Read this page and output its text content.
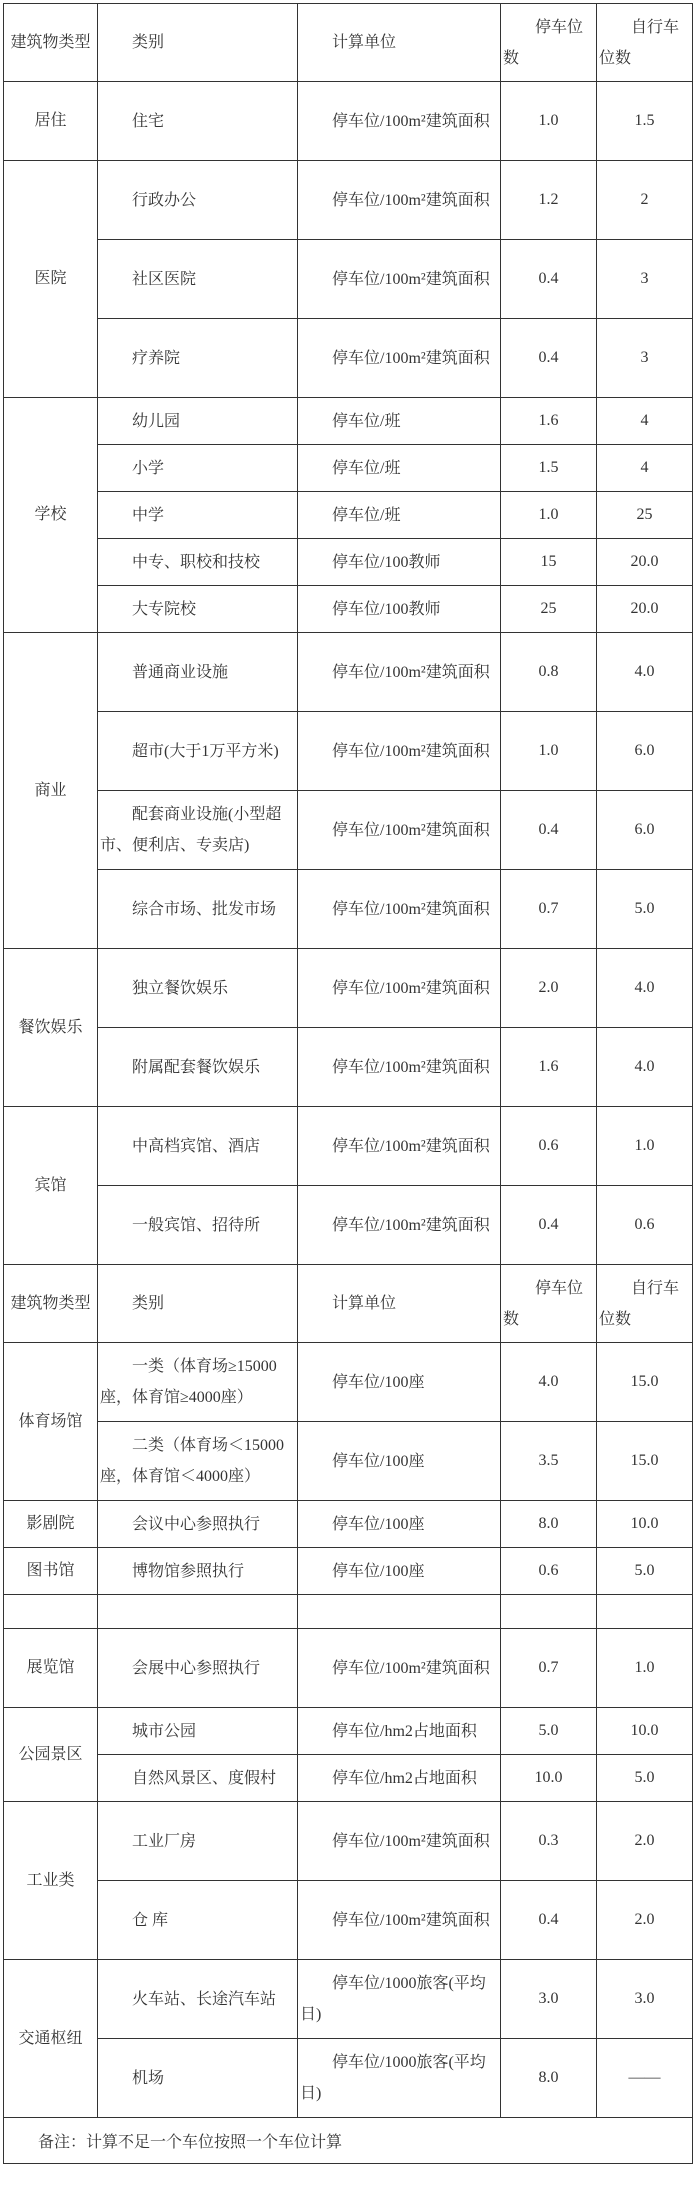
建筑物类型	类别	计算单位	停车位数	自行车位数
居住	住宅	停车位/100m²建筑面积	1.0	1.5
医院	行政办公	停车位/100m²建筑面积	1.2	2
	社区医院	停车位/100m²建筑面积	0.4	3
	疗养院	停车位/100m²建筑面积	0.4	3
学校	幼儿园	停车位/班	1.6	4
	小学	停车位/班	1.5	4
	中学	停车位/班	1.0	25
	中专、职校和技校	停车位/100教师	15	20.0
	大专院校	停车位/100教师	25	20.0
商业	普通商业设施	停车位/100m²建筑面积	0.8	4.0
	超市(大于1万平方米)	停车位/100m²建筑面积	1.0	6.0
	配套商业设施(小型超市、便利店、专卖店)	停车位/100m²建筑面积	0.4	6.0
	综合市场、批发市场	停车位/100m²建筑面积	0.7	5.0
餐饮娱乐	独立餐饮娱乐	停车位/100m²建筑面积	2.0	4.0
	附属配套餐饮娱乐	停车位/100m²建筑面积	1.6	4.0
宾馆	中高档宾馆、酒店	停车位/100m²建筑面积	0.6	1.0
	一般宾馆、招待所	停车位/100m²建筑面积	0.4	0.6
建筑物类型	类别	计算单位	停车位数	自行车位数
体育场馆	一类（体育场≥15000座，体育馆≥4000座）	停车位/100座	4.0	15.0
	二类（体育场＜15000座，体育馆＜4000座）	停车位/100座	3.5	15.0
影剧院	会议中心参照执行	停车位/100座	8.0	10.0
图书馆	博物馆参照执行	停车位/100座	0.6	5.0

展览馆	会展中心参照执行	停车位/100m²建筑面积	0.7	1.0
公园景区	城市公园	停车位/hm2占地面积	5.0	10.0
	自然风景区、度假村	停车位/hm2占地面积	10.0	5.0
工业类	工业厂房	停车位/100m²建筑面积	0.3	2.0
	仓 库	停车位/100m²建筑面积	0.4	2.0
交通枢纽	火车站、长途汽车站	停车位/1000旅客(平均日)	3.0	3.0
	机场	停车位/1000旅客(平均日)	8.0	——
备注：计算不足一个车位按照一个车位计算				
